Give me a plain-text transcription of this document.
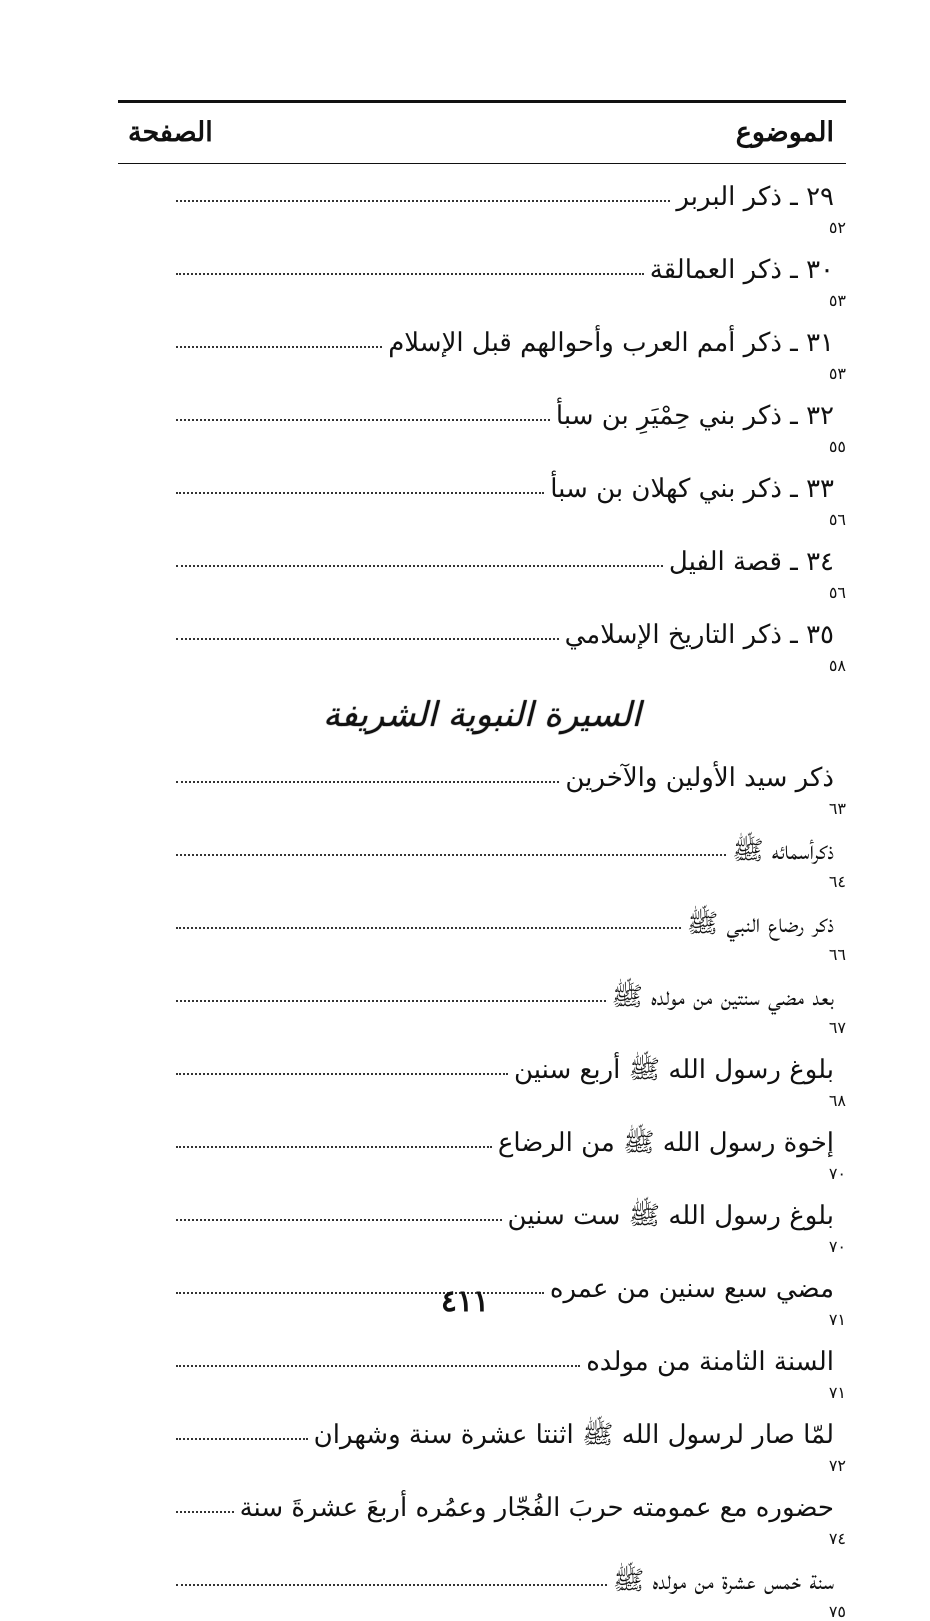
الموضوع
الصفحة
٢٩ ـ ذكر البربر
٥٢
٣٠ ـ ذكر العمالقة
٥٣
٣١ ـ ذكر أمم العرب وأحوالهم قبل الإسلام
٥٣
٣٢ ـ ذكر بني حِمْيَرِ بن سبأ
٥٥
٣٣ ـ ذكر بني كهلان بن سبأ
٥٦
٣٤ ـ قصة الفيل
٥٦
٣٥ ـ ذكر التاريخ الإسلامي
٥٨
السيرة النبوية الشريفة
ذكر سيد الأولين والآخرين
٦٣
ذكرأسمائه ﷺ
٦٤
ذكر رضاع النبي ﷺ
٦٦
بعد مضي سنتين من مولده ﷺ
٦٧
بلوغ رسول الله ﷺ أربع سنين
٦٨
إخوة رسول الله ﷺ من الرضاع
٧٠
بلوغ رسول الله ﷺ ست سنين
٧٠
مضي سبع سنين من عمره
٧١
السنة الثامنة من مولده
٧١
لمّا صار لرسول الله ﷺ اثنتا عشرة سنة وشهران
٧٢
حضوره مع عمومته حربَ الفُجّار وعمُره أربعَ عشرةَ سنة
٧٤
سنة خمس عشرة من مولده ﷺ
٧٥
٤١١
